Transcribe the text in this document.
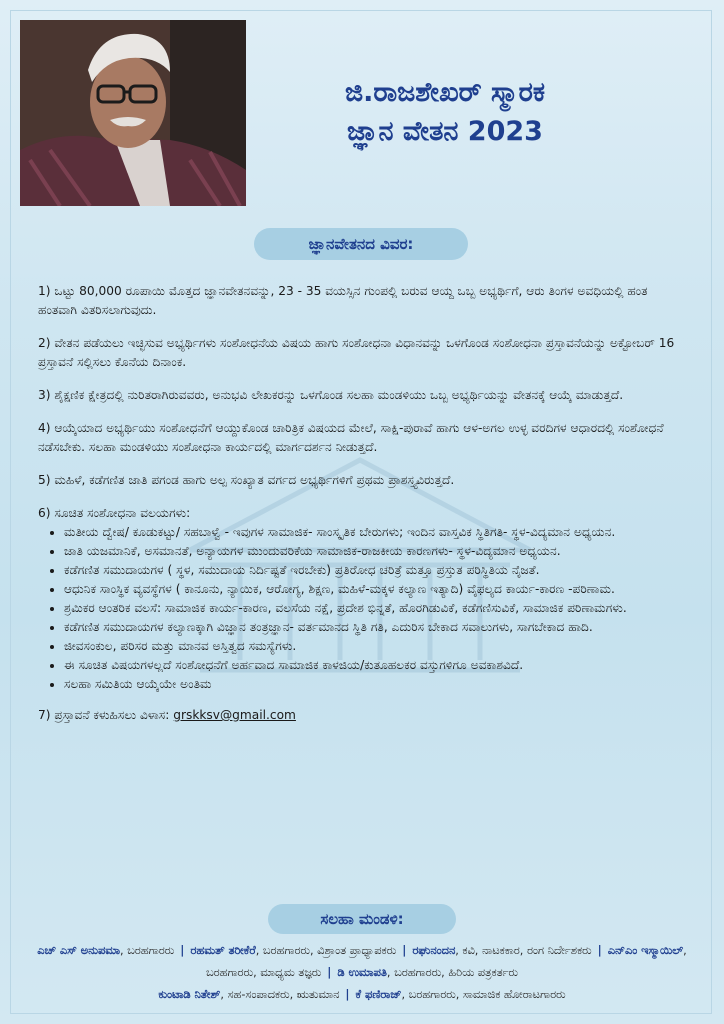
ಜಿ.ರಾಜಶೇಖರ್ ಸ್ಮಾರಕ
ಜ್ಞಾನ ವೇತನ 2023
ಜ್ಞಾನವೇತನದ ವಿವರ:

1) ಒಟ್ಟು 80,000 ರೂಪಾಯಿ ಮೊತ್ತದ ಜ್ಞಾನವೇತನವನ್ನು, 23 - 35 ವಯಸ್ಸಿನ ಗುಂಪಲ್ಲಿ ಬರುವ ಆಯ್ದ ಒಬ್ಬ ಅಭ್ಯರ್ಥಿಗೆ, ಆರು ತಿಂಗಳ ಅವಧಿಯಲ್ಲಿ ಹಂತ ಹಂತವಾಗಿ ವಿತರಿಸಲಾಗುವುದು.

2) ವೇತನ ಪಡೆಯಲು ಇಚ್ಛಿಸುವ ಅಭ್ಯರ್ಥಿಗಳು ಸಂಶೋಧನೆಯ ವಿಷಯ ಹಾಗು ಸಂಶೋಧನಾ ವಿಧಾನವನ್ನು ಒಳಗೊಂಡ ಸಂಶೋಧನಾ ಪ್ರಸ್ತಾವನೆಯನ್ನು ಅಕ್ಟೋಬರ್ 16 ಪ್ರಸ್ತಾವನೆ ಸಲ್ಲಿಸಲು ಕೊನೆಯ ದಿನಾಂಕ.

3) ಶೈಕ್ಷಣಿಕ ಕ್ಷೇತ್ರದಲ್ಲಿ ನುರಿತರಾಗಿರುವವರು, ಅನುಭವಿ ಲೇಖಕರನ್ನು ಒಳಗೊಂಡ ಸಲಹಾ ಮಂಡಳಿಯು ಒಬ್ಬ ಅಭ್ಯರ್ಥಿಯನ್ನು ವೇತನಕ್ಕೆ ಆಯ್ಕೆ ಮಾಡುತ್ತದೆ.

4) ಆಯ್ಕೆಯಾದ ಅಭ್ಯರ್ಥಿಯು ಸಂಶೋಧನೆಗೆ ಆಯ್ದುಕೊಂಡ ಚಾರಿತ್ರಿಕ ವಿಷಯದ ಮೇಲೆ, ಸಾಕ್ಷಿ-ಪುರಾವೆ ಹಾಗು ಆಳ-ಅಗಲ ಉಳ್ಳ ವರದಿಗಳ ಆಧಾರದಲ್ಲಿ ಸಂಶೋಧನೆ ನಡೆಸಬೇಕು. ಸಲಹಾ ಮಂಡಳಿಯು ಸಂಶೋಧನಾ ಕಾರ್ಯದಲ್ಲಿ ಮಾರ್ಗದರ್ಶನ ನೀಡುತ್ತದೆ.

5) ಮಹಿಳೆ, ಕಡೆಗಣಿತ ಜಾತಿ ಪಗಂಡ ಹಾಗು ಅಲ್ಪ ಸಂಖ್ಯಾತ ವರ್ಗದ ಅಭ್ಯರ್ಥಿಗಳಿಗೆ ಪ್ರಥಮ ಪ್ರಾಶಸ್ತ್ಯವಿರುತ್ತದೆ.

6) ಸೂಚಿತ ಸಂಶೋಧನಾ ವಲಯಗಳು:
• ಮತೀಯ ದ್ವೇಷ/ ಕೂಡುಕಟ್ಟು/ ಸಹಬಾಳ್ವೆ - ಇವುಗಳ ಸಾಮಾಜಿಕ- ಸಾಂಸ್ಕೃತಿಕ ಬೇರುಗಳು; ಇಂದಿನ ವಾಸ್ತವಿಕ ಸ್ಥಿತಿಗತಿ- ಸ್ಥಳ-ವಿದ್ಯಮಾನ ಅಧ್ಯಯನ.
• ಜಾತಿ ಯಜಮಾನಿಕೆ, ಅಸಮಾನತೆ, ಅನ್ಯಾಯಗಳ ಮುಂದುವರಿಕೆಯ ಸಾಮಾಜಿಕ-ರಾಜಕೀಯ ಕಾರಣಗಳು- ಸ್ಥಳ-ವಿದ್ಯಮಾನ ಅಧ್ಯಯನ.
• ಕಡೆಗಣಿತ ಸಮುದಾಯಗಳ ( ಸ್ಥಳ, ಸಮುದಾಯ ನಿರ್ದಿಷ್ಟತೆ ಇರಬೇಕು) ಪ್ರತಿರೋಧ ಚರಿತ್ರೆ ಮತ್ತೂ ಪ್ರಸ್ತುತ ಪರಿಸ್ಥಿತಿಯ ನೈಜತೆ.
• ಆಧುನಿಕ ಸಾಂಸ್ಥಿಕ ವ್ಯವಸ್ಥೆಗಳ ( ಕಾನೂನು, ನ್ಯಾಯಿಕ, ಆರೋಗ್ಯ, ಶಿಕ್ಷಣ, ಮಹಿಳೆ-ಮಕ್ಕಳ ಕಲ್ಯಾಣ ಇತ್ಯಾದಿ) ವೈಫಲ್ಯದ ಕಾರ್ಯ-ಕಾರಣ -ಪರಿಣಾಮ.
• ಶ್ರಮಿಕರ ಆಂತರಿಕ ವಲಸೆ: ಸಾಮಾಜಿಕ ಕಾರ್ಯ-ಕಾರಣ, ವಲಸೆಯ ನಕ್ಷೆ, ಪ್ರದೇಶ ಭಿನ್ನತೆ, ಹೊರಗಿಡುವಿಕೆ, ಕಡೆಗಣಿಸುವಿಕೆ, ಸಾಮಾಜಿಕ ಪರಿಣಾಮಗಳು.
• ಕಡೆಗಣಿತ ಸಮುದಾಯಗಳ ಕಲ್ಯಾಣಕ್ಕಾಗಿ ವಿಜ್ಞಾನ ತಂತ್ರಜ್ಞಾನ- ವರ್ತಮಾನದ ಸ್ಥಿತಿ ಗತಿ, ಎದುರಿಸ ಬೇಕಾದ ಸವಾಲುಗಳು, ಸಾಗಬೇಕಾದ ಹಾದಿ.
• ಜೀವಸಂಕುಲ, ಪರಿಸರ ಮತ್ತು ಮಾನವ ಅಸ್ತಿತ್ವದ ಸಮಸ್ಯೆಗಳು.
• ಈ ಸೂಚಿತ ವಿಷಯಗಳಲ್ಲದೆ ಸಂಶೋಧನೆಗೆ ಅರ್ಹವಾದ ಸಾಮಾಜಿಕ ಕಾಳಜಿಯ/ಕುತೂಹಲಕರ ವಸ್ತುಗಳಿಗೂ ಅವಕಾಶವಿದೆ.
• ಸಲಹಾ ಸಮಿತಿಯ ಆಯ್ಕೆಯೇ ಅಂತಿಮ
7) ಪ್ರಸ್ತಾವನೆ ಕಳುಹಿಸಲು ವಿಳಾಸ: grskksv@gmail.com
ಸಲಹಾ ಮಂಡಳಿ:
ಎಚ್ ಎಸ್ ಅನುಪಮಾ, ಬರಹಗಾರರು | ರಹಮತ್ ತರೀಕೆರೆ, ಬರಹಗಾರರು, ವಿಶ್ರಾಂತ ಪ್ರಾಧ್ಯಾಪಕರು | ರಘುನಂದನ, ಕವಿ, ನಾಟಕಕಾರ, ರಂಗ ನಿರ್ದೇಶಕರು | ಎನ್‌ಎಂ ಇಸ್ಮಾಯಿಲ್, ಬರಹಗಾರರು, ಮಾಧ್ಯಮ ತಜ್ಞರು | ಡಿ ಉಮಾಪತಿ, ಬರಹಗಾರರು, ಹಿರಿಯ ಪತ್ರಕರ್ತರು
ಕುಂಟಾಡಿ ನಿತೇಶ್, ಸಹ-ಸಂಪಾದಕರು, ಋತುಮಾನ | ಕೆ ಫಣಿರಾಜ್, ಬರಹಗಾರರು, ಸಾಮಾಜಿಕ ಹೋರಾಟಗಾರರು
